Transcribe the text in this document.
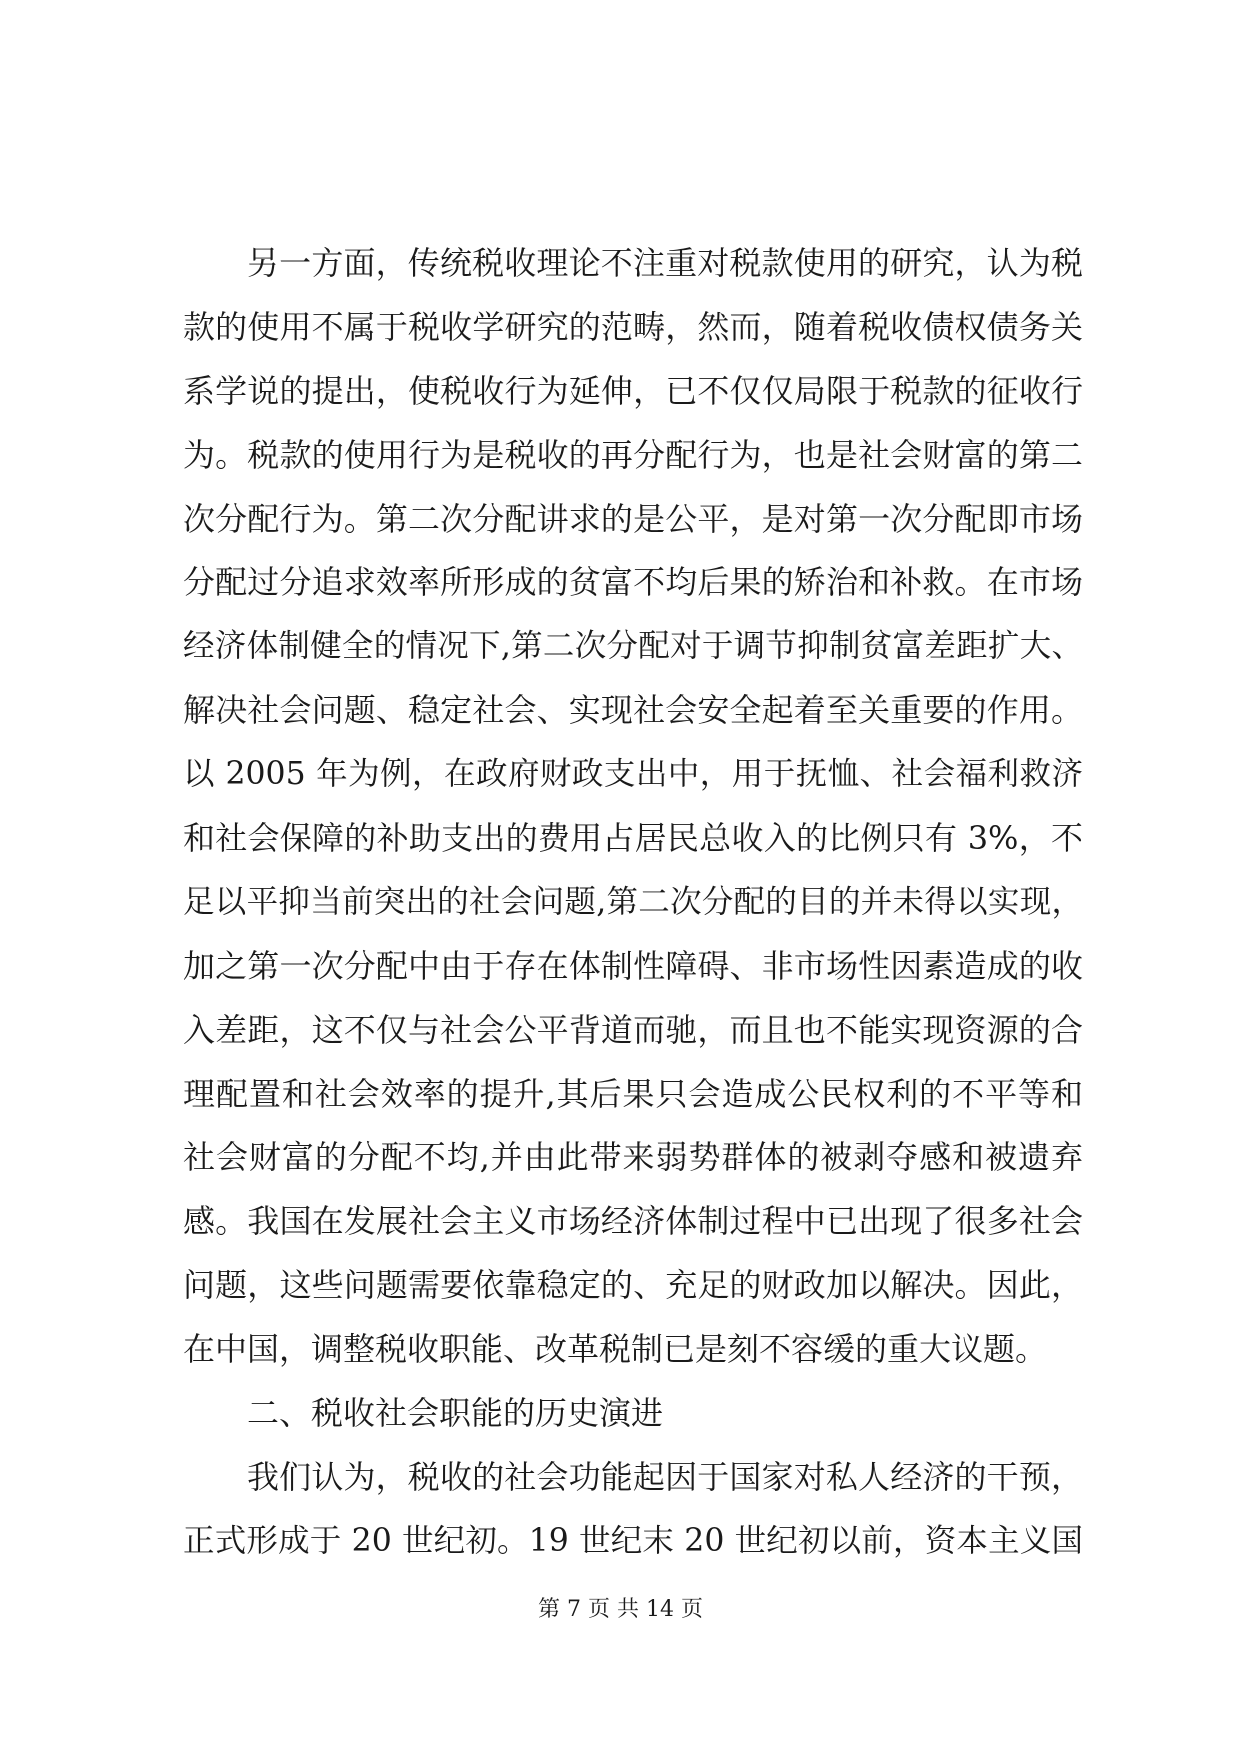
另一方面，传统税收理论不注重对税款使用的研究，认为税
款的使用不属于税收学研究的范畴，然而，随着税收债权债务关
系学说的提出，使税收行为延伸，已不仅仅局限于税款的征收行
为。税款的使用行为是税收的再分配行为，也是社会财富的第二
次分配行为。第二次分配讲求的是公平，是对第一次分配即市场
分配过分追求效率所形成的贫富不均后果的矫治和补救。在市场
经济体制健全的情况下,第二次分配对于调节抑制贫富差距扩大、
解决社会问题、稳定社会、实现社会安全起着至关重要的作用。
以 2005 年为例，在政府财政支出中，用于抚恤、社会福利救济
和社会保障的补助支出的费用占居民总收入的比例只有 3%，不
足以平抑当前突出的社会问题,第二次分配的目的并未得以实现，
加之第一次分配中由于存在体制性障碍、非市场性因素造成的收
入差距，这不仅与社会公平背道而驰，而且也不能实现资源的合
理配置和社会效率的提升,其后果只会造成公民权利的不平等和
社会财富的分配不均,并由此带来弱势群体的被剥夺感和被遗弃
感。我国在发展社会主义市场经济体制过程中已出现了很多社会
问题，这些问题需要依靠稳定的、充足的财政加以解决。因此，
在中国，调整税收职能、改革税制已是刻不容缓的重大议题。
二、税收社会职能的历史演进
我们认为，税收的社会功能起因于国家对私人经济的干预，
正式形成于 20 世纪初。19 世纪末 20 世纪初以前，资本主义国
第 7 页 共 14 页
